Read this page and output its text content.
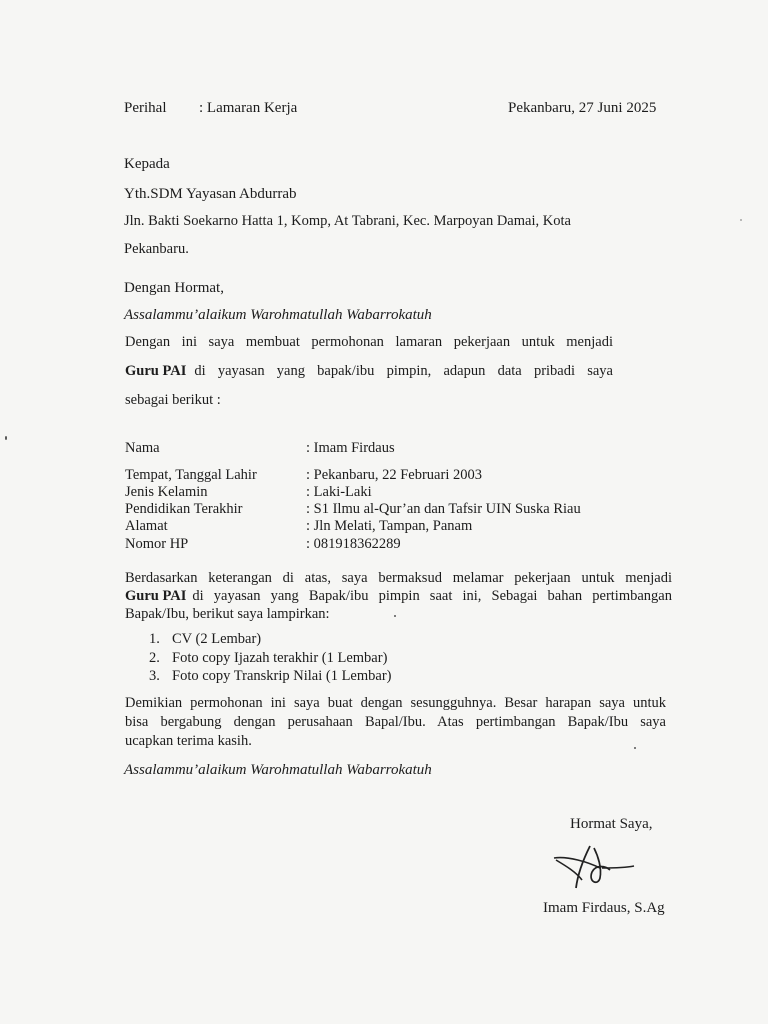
Perihal : Lamaran Kerja	Pekanbaru, 27 Juni 2025
Kepada
Yth.SDM Yayasan Abdurrab
Jln. Bakti Soekarno Hatta 1, Komp, At Tabrani, Kec. Marpoyan Damai, Kota
Pekanbaru.
Dengan Hormat,
Assalammu’alaikum Warohmatullah Wabarrokatuh
Dengan ini saya membuat permohonan lamaran pekerjaan untuk menjadi
Guru PAI di yayasan yang bapak/ibu pimpin, adapun data pribadi saya
sebagai berikut :
Nama	: Imam Firdaus
Tempat, Tanggal Lahir	: Pekanbaru, 22 Februari 2003
Jenis Kelamin	: Laki-Laki
Pendidikan Terakhir	: S1 Ilmu al-Qur’an dan Tafsir UIN Suska Riau
Alamat	: Jln Melati, Tampan, Panam
Nomor HP	: 081918362289
Berdasarkan keterangan di atas, saya bermaksud melamar pekerjaan untuk menjadi
Guru PAI di yayasan yang Bapak/ibu pimpin saat ini, Sebagai bahan pertimbangan
Bapak/Ibu, berikut saya lampirkan:
1. CV (2 Lembar)
2. Foto copy Ijazah terakhir (1 Lembar)
3. Foto copy Transkrip Nilai (1 Lembar)
Demikian permohonan ini saya buat dengan sesungguhnya. Besar harapan saya untuk
bisa bergabung dengan perusahaan Bapal/Ibu. Atas pertimbangan Bapak/Ibu saya
ucapkan terima kasih.
Assalammu’alaikum Warohmatullah Wabarrokatuh
Hormat Saya,
Imam Firdaus, S.Ag
